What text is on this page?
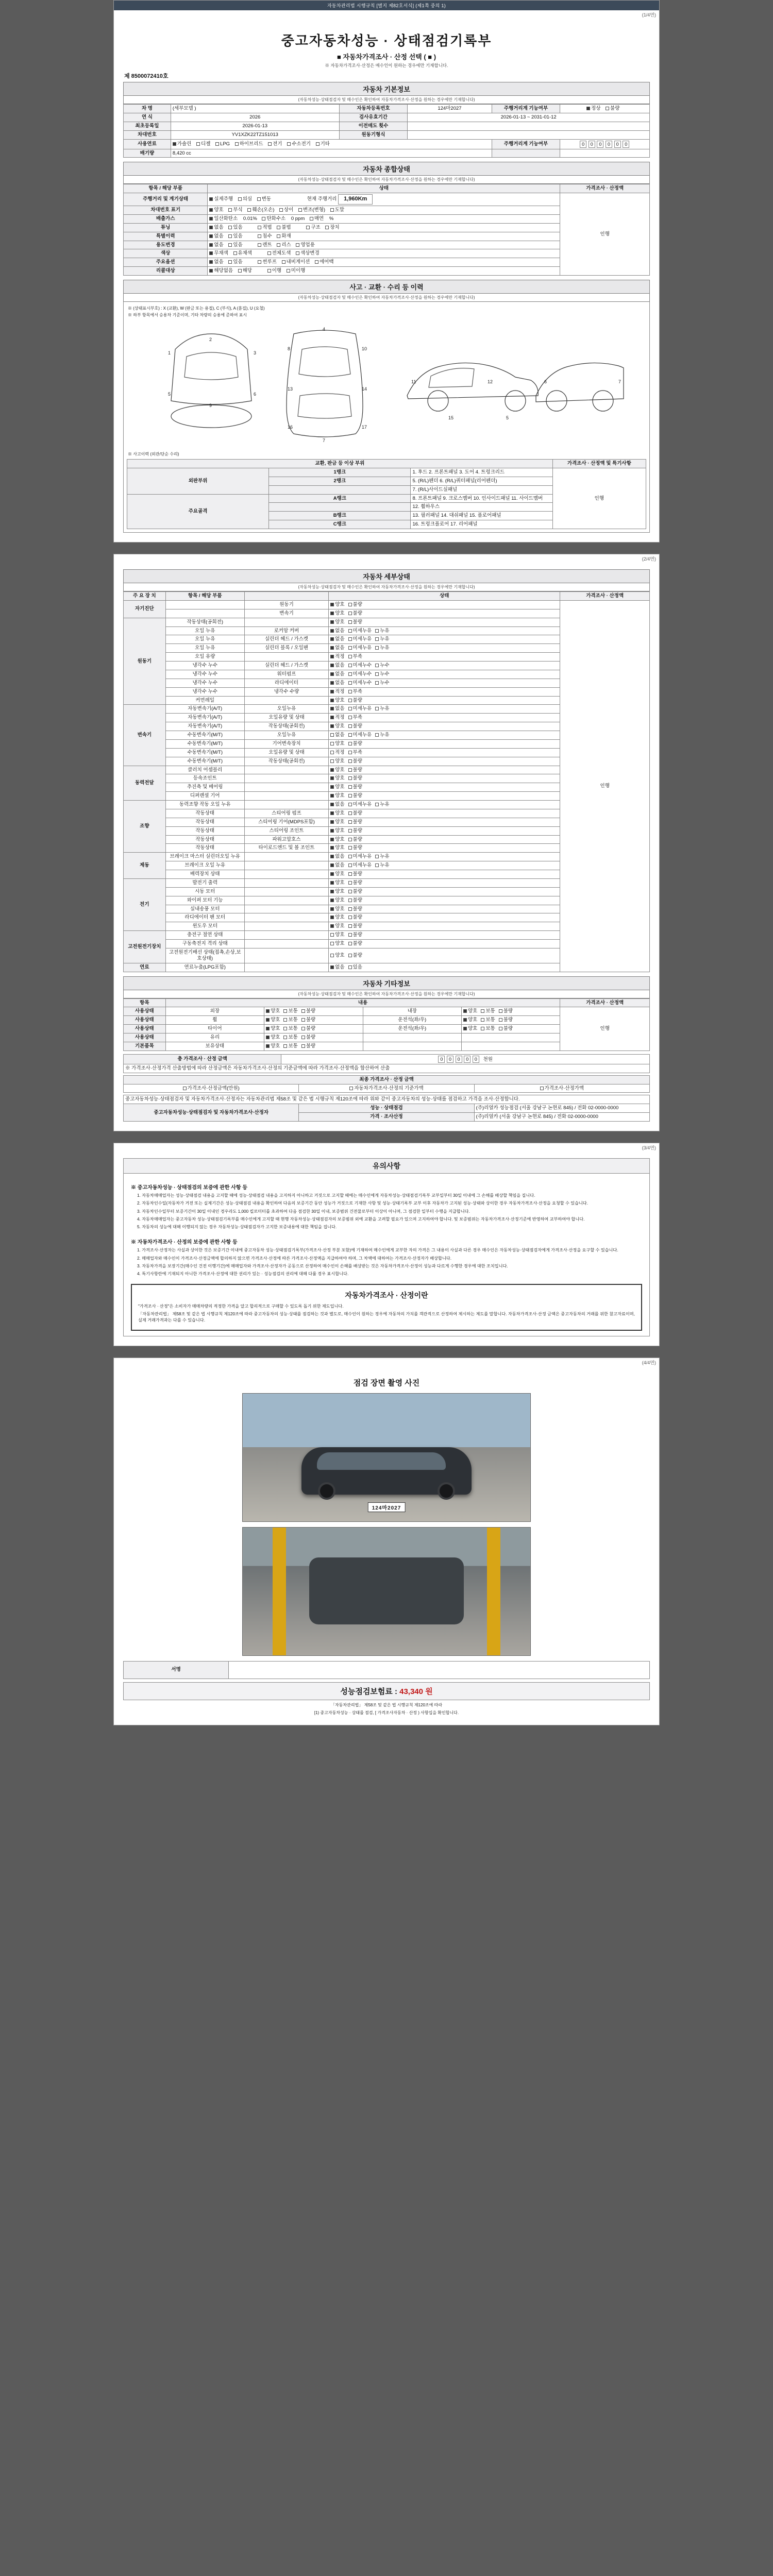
자동차관리법 시행규칙 [별지 제82호서식] (제1쪽 중의 1)
(1/4면)
중고자동차성능 · 상태점검기록부
■ 자동차가격조사 · 산정 선택 ( ■ )
※ 자동차가격조사·산정은 매수인이 원하는 경우에만 기재합니다.
제 8500072410호
자동차 기본정보
(자동차성능·상태점검자 및 매수인은 확인하여 자동차가격조사·산정을 원하는 경우에만 기재합니다)
차 명	(세부모델 )	자동차등록번호	124마2027	주행거리계 기능여부	정상 불량
연 식	2026	검사유효기간	2026-01-13 ~ 2031-01-12		
최초등록일	2026-01-13	이전매도 횟수			
차대번호	YV1XZK22TZ151013	원동기형식			
사용연료	가솔린 디젤 LPG 하이브리드 전기 수소전기 기타			주행거리계 기능여부	0 0 0 0 0 0
배기량	8,420 cc				
자동차 종합상태
(자동차성능·상태점검자 및 매수인은 확인하여 자동차가격조사·산정을 원하는 경우에만 기재합니다)
항목 / 해당 부품	상태	가격조사 · 산정액
주행거리 및 계기상태	실제주행 의심 변동 현재 주행거리 1,960Km	인행
차대번호 표기	양호 부식 훼손(오손) 상이 변조(변형) 도말	
배출가스	일산화탄소 0.01% 탄화수소 0 ppm 매연 %	
튜닝	없음 있음 적법 불법 구조 장치	
특별이력	없음 있음 침수 화재	
용도변경	없음 있음 렌트 리스 영업용	
색상	무채색 유채색 전체도색 색상변경	
주요옵션	없음 있음 썬루프 내비게이션 에어백	
리콜대상	해당없음 해당 이행 미이행	
사고 · 교환 · 수리 등 이력
(자동차성능·상태점검자 및 매수인은 확인하여 자동차가격조사·산정을 원하는 경우에만 기재합니다)
※ (상태표시부호) : X (교환), W (판금 또는 용접), C (부식), A (흠집), U (요철)
※ 하부 항목에서 승용차 기준이며, 기타 차량의 승용에 준하여 표시
1	3
5	6
2
9
8	10
13	14
16	17
4
7
11	12
15	5
6	7
※ 사고이력 (외관/단순 수리)
교환, 판금 등 이상 부위			가격조사 · 산정액 및 특기사항
외판부위	1랭크	1. 후드 2. 프론트패널 3. 도어 4. 트렁크리드	인행
	2랭크	5. (R/L)펜더 6. (R/L)쿼터패널(리어펜더)	
		7. (R/L)사이드실패널	
주요골격	A랭크	8. 프론트패널 9. 크로스멤버 10. 인사이드패널 11. 사이드멤버	
		12. 휠하우스	
	B랭크	13. 필러패널 14. 대쉬패널 15. 플로어패널	
	C랭크	16. 트렁크플로어 17. 리어패널	
(2/4면)
자동차 세부상태
(자동차성능·상태점검자 및 매수인은 확인하여 자동차가격조사·산정을 원하는 경우에만 기재합니다)
주 요 장 치	항목 / 해당 부품		상태	가격조사 · 산정액
자기진단		원동기	양호 불량	인행
		변속기	양호 불량	
원동기	작동상태(공회전)		양호 불량	
	오일 누유	로커암 커버	없음 미세누유 누유	
	오일 누유	실린더 헤드 / 가스켓	없음 미세누유 누유	
	오일 누유	실린더 블록 / 오일팬	없음 미세누유 누유	
	오일 유량		적정 부족	
	냉각수 누수	실린더 헤드 / 가스켓	없음 미세누수 누수	
	냉각수 누수	워터펌프	없음 미세누수 누수	
	냉각수 누수	라디에이터	없음 미세누수 누수	
	냉각수 누수	냉각수 수량	적정 부족	
	커먼레일		양호 불량	
변속기	자동변속기(A/T)	오일누유	없음 미세누유 누유	
	자동변속기(A/T)	오일유량 및 상태	적정 부족	
	자동변속기(A/T)	작동상태(공회전)	양호 불량	
	수동변속기(M/T)	오일누유	없음 미세누유 누유	
	수동변속기(M/T)	기어변속장치	양호 불량	
	수동변속기(M/T)	오일유량 및 상태	적정 부족	
	수동변속기(M/T)	작동상태(공회전)	양호 불량	
동력전달	클러치 어셈블리		양호 불량	
	등속조인트		양호 불량	
	추진축 및 베어링		양호 불량	
	디퍼렌셜 기어		양호 불량	
조향	동력조향 작동 오일 누유		없음 미세누유 누유	
	작동상태	스티어링 펌프	양호 불량	
	작동상태	스티어링 기어(MDPS포함)	양호 불량	
	작동상태	스티어링 조인트	양호 불량	
	작동상태	파워고압호스	양호 불량	
	작동상태	타이로드엔드 및 볼 조인트	양호 불량	
제동	브레이크 마스터 실린더오일 누유		없음 미세누유 누유	
	브레이크 오일 누유		없음 미세누유 누유	
	배력장치 상태		양호 불량	
전기	발전기 출력		양호 불량	
	시동 모터		양호 불량	
	와이퍼 모터 기능		양호 불량	
	실내송풍 모터		양호 불량	
	라디에이터 팬 모터		양호 불량	
	윈도우 모터		양호 불량	
고전원전기장치	충전구 절연 상태		양호 불량	
	구동축전지 격리 상태		양호 불량	
	고전원전기배선 상태(접촉,손상,보호상태)		양호 불량	
연료	연료누출(LPG포함)		없음 있음	
자동차 기타정보
(자동차성능·상태점검자 및 매수인은 확인하여 자동차가격조사·산정을 원하는 경우에만 기재합니다)
항목	내용				가격조사 · 산정액
사용상태	외장	양호 보통 불량	내장	양호 보통 불량	인행
사용상태	휠	양호 보통 불량	운전석(좌/우)	양호 보통 불량	
사용상태	타이어	양호 보통 불량	운전석(좌/우)	양호 보통 불량	
사용상태	유리	양호 보통 불량			
기본품목	보유상태	양호 보통 불량			
총 가격조사 · 산정 금액	0 0 0 0 0 천원
※ 가격조사·산정가격 산출방법에 따라 산정금액은 자동차가격조사·산정의 기준금액에 따라 가격조사·산정액을 합산하여 산출
최종 가격조사 · 산정 금액
가격조사·산정금액(만원)	자동차가격조사·산정의 기준가액	가격조사·산정가액
중고자동차성능·상태점검자 및 자동차가격조사·산정자는 자동차관리법 제58조 및 같은 법 시행규칙 제120조에 따라 위와 같이 중고자동차의 성능·상태를 점검하고 가격을 조사·산정합니다.		
중고자동차성능·상태점검자 및 자동차가격조사·산정자	성능 · 상태점검	(주)리얼카 성능점검 (서울 강남구 논현로 845) / 전화 02-0000-0000
	가격 · 조사산정	(주)리얼카 (서울 강남구 논현로 845) / 전화 02-0000-0000
(3/4면)
유의사항
※ 중고자동차성능 · 상태점검의 보증에 관한 사항 등

1. 자동차매매업자는 성능·상태점검 내용을 고지할 때에 성능·상태점검 내용을 고지하지 아니하고 거짓으로 고지할 때에는 매수인에게 자동차성능·상태점검기록부 교부일부터 30일 이내에 그 손해를 배상할 책임을 집니다.

2. 자동차인수일(자동차가 거전 또는 실제기간은 성능·상태점검 내용을 확인하여 다음의 보증기간 동안 성능가 거짓으로 기재한 사항 및 성능·상태기록부 교부 이후 자동차가 고지된 성능·상태와 상이한 경우 자동차가격조사·산정을 요청할 수 있습니다.

3. 자동차인수일부터 보증기간이 30일 이내인 경우라도 1,000 킬로미터를 초과하여 다음 점검한 30일 이내, 보증범위 건전물로부터 이상이 아니며, 그 점검한 일부터 수행을 지급합니다.

4. 자동차매매업자는 중고자동차 성능·상태점검기록부를 매수인에게 고지할 때 현행 자동차성능·상태점검자의 보증범위 외에 교환을 고려할 필요가 있으며 고지하여야 합니다. 및 보증범위는 자동차가격조사·산정기준에 반영하여 교부하여야 합니다.

5. 자동차의 성능에 대해 이행되지 않는 경우 자동차성능·상태점검자가 고지한 보증내용에 대한 책임을 집니다.

※ 자동차가격조사 · 산정의 보증에 관한 사항 등

1. 가격조사·산정자는 사실과 상이한 것은 보증기간 이내에 중고자동차 성능·상태점검기록부(가격조사·산정 부분 포함)에 기재하여 매수인에게 교부한 자의 가격은 그 내용이 사실과 다른 경우 매수인은 자동차성능·상태점검자에게 가격조사·산정을 요구할 수 있습니다.

2. 매매업자와 매수인이 가격조사·산정금액에 합의하지 않으면 가격조사·산정에 따른 가격조사·산정액을 지급하여야 하며, 그 차액에 대하여는 가격조사·산정자가 배상합니다.

3. 자동차가격을 보장기간(매수인 건전 이행기간)에 매매업자와 가격조사·산정자가 공동으로 산정하여 매수인이 손해를 배상받는 것은 자동차가격조사·산정이 성능과 다르게 수행한 경우에 대한 조치입니다.

4. 특기사항란에 기재되지 아니한 가격조사·산정에 대한 권리가 있는 · 성능점검의 권리에 대해 다룰 경우 표시합니다.

자동차가격조사 · 산정이란
"가격조사 · 산정"은 소비자가 매매차량의 적정한 가격을 알고 합리적으로 구매할 수 있도록 돕기 위한 제도입니다.
「자동차관리법」 제58조 및 같은 법 시행규칙 제120조에 따라 중고자동차의 성능·상태를 점검하는 것과 별도로, 매수인이 원하는 경우에 자동차의 가치를 객관적으로 산정하여 제시하는 제도를 말합니다. 자동차가격조사·산정 금액은 중고자동차의 거래를 위한 참고자료이며, 실제 거래가격과는 다를 수 있습니다.
(4/4면)
점검 장면 촬영 사진
124마2027
서명	
성능점검보험료 : 43,340 원
「자동차관리법」 제58조 및 같은 법 시행규칙 제120조에 따라
[1) 중고자동차성능 · 상태를 점검, [ 가격조사자동차 · 산정 ) 사항입을 확인합니다.
